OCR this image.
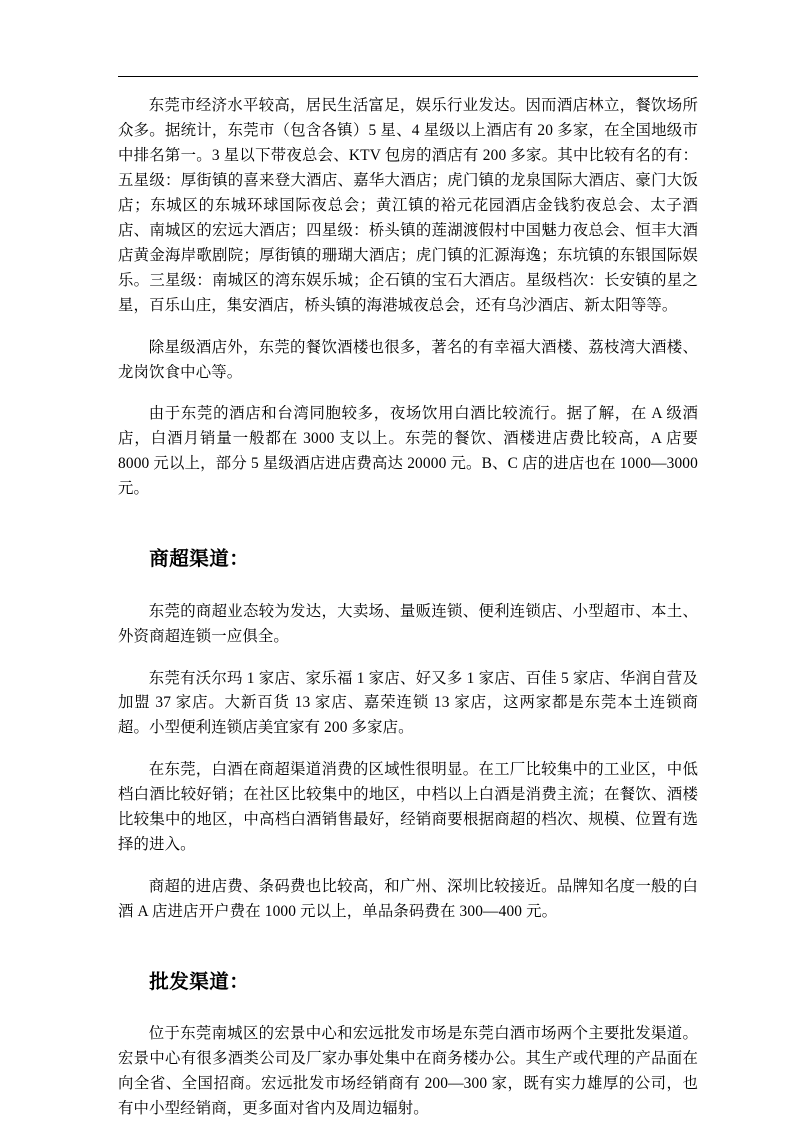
东莞市经济水平较高，居民生活富足，娱乐行业发达。因而酒店林立，餐饮场所众多。据统计，东莞市（包含各镇）5 星、4 星级以上酒店有 20 多家，在全国地级市中排名第一。3 星以下带夜总会、KTV 包房的酒店有 200 多家。其中比较有名的有：五星级：厚街镇的喜来登大酒店、嘉华大酒店；虎门镇的龙泉国际大酒店、豪门大饭店；东城区的东城环球国际夜总会；黄江镇的裕元花园酒店金钱豹夜总会、太子酒店、南城区的宏远大酒店；四星级：桥头镇的莲湖渡假村中国魅力夜总会、恒丰大酒店黄金海岸歌剧院；厚街镇的珊瑚大酒店；虎门镇的汇源海逸；东坑镇的东银国际娱乐。三星级：南城区的湾东娱乐城；企石镇的宝石大酒店。星级档次：长安镇的星之星，百乐山庄，集安酒店，桥头镇的海港城夜总会，还有乌沙酒店、新太阳等等。

除星级酒店外，东莞的餐饮酒楼也很多，著名的有幸福大酒楼、荔枝湾大酒楼、龙岗饮食中心等。

由于东莞的酒店和台湾同胞较多，夜场饮用白酒比较流行。据了解，在 A 级酒店，白酒月销量一般都在 3000 支以上。东莞的餐饮、酒楼进店费比较高，A 店要 8000 元以上，部分 5 星级酒店进店费高达 20000 元。B、C 店的进店也在 1000—3000 元。

商超渠道：

东莞的商超业态较为发达，大卖场、量贩连锁、便利连锁店、小型超市、本土、外资商超连锁一应俱全。

东莞有沃尔玛 1 家店、家乐福 1 家店、好又多 1 家店、百佳 5 家店、华润自营及加盟 37 家店。大新百货 13 家店、嘉荣连锁 13 家店，这两家都是东莞本土连锁商超。小型便利连锁店美宜家有 200 多家店。

在东莞，白酒在商超渠道消费的区域性很明显。在工厂比较集中的工业区，中低档白酒比较好销；在社区比较集中的地区，中档以上白酒是消费主流；在餐饮、酒楼比较集中的地区，中高档白酒销售最好，经销商要根据商超的档次、规模、位置有选择的进入。

商超的进店费、条码费也比较高，和广州、深圳比较接近。品牌知名度一般的白酒 A 店进店开户费在 1000 元以上，单品条码费在 300—400 元。

批发渠道：

位于东莞南城区的宏景中心和宏远批发市场是东莞白酒市场两个主要批发渠道。宏景中心有很多酒类公司及厂家办事处集中在商务楼办公。其生产或代理的产品面在向全省、全国招商。宏远批发市场经销商有 200—300 家，既有实力雄厚的公司，也有中小型经销商，更多面对省内及周边辐射。
